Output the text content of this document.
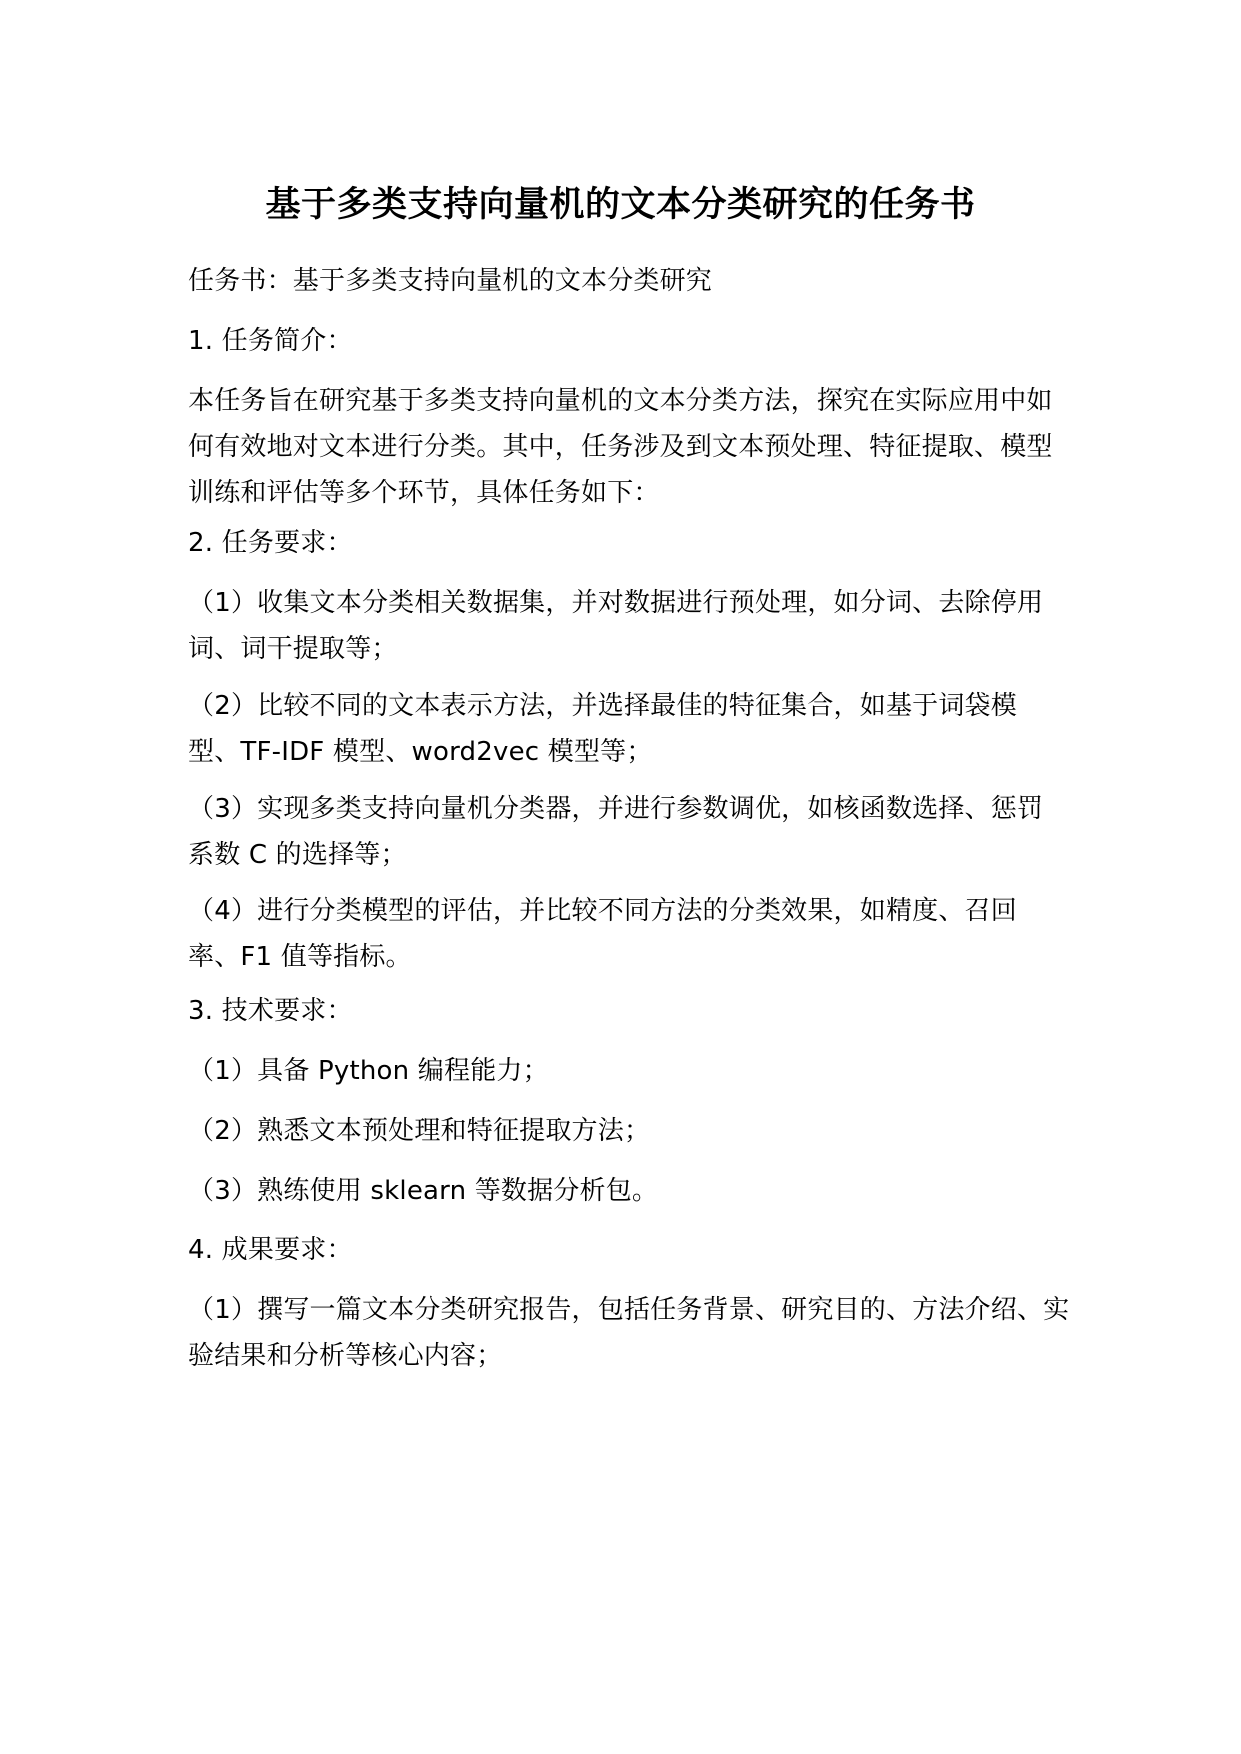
基于多类支持向量机的文本分类研究的任务书

任务书：基于多类支持向量机的文本分类研究

1. 任务简介：

本任务旨在研究基于多类支持向量机的文本分类方法，探究在实际应用中如何有效地对文本进行分类。其中，任务涉及到文本预处理、特征提取、模型训练和评估等多个环节，具体任务如下：

2. 任务要求：

（1）收集文本分类相关数据集，并对数据进行预处理，如分词、去除停用词、词干提取等；

（2）比较不同的文本表示方法，并选择最佳的特征集合，如基于词袋模型、TF-IDF 模型、word2vec 模型等；

（3）实现多类支持向量机分类器，并进行参数调优，如核函数选择、惩罚系数 C 的选择等；

（4）进行分类模型的评估，并比较不同方法的分类效果，如精度、召回率、F1 值等指标。

3. 技术要求：

（1）具备 Python 编程能力；

（2）熟悉文本预处理和特征提取方法；

（3）熟练使用 sklearn 等数据分析包。

4. 成果要求：

（1）撰写一篇文本分类研究报告，包括任务背景、研究目的、方法介绍、实验结果和分析等核心内容；
